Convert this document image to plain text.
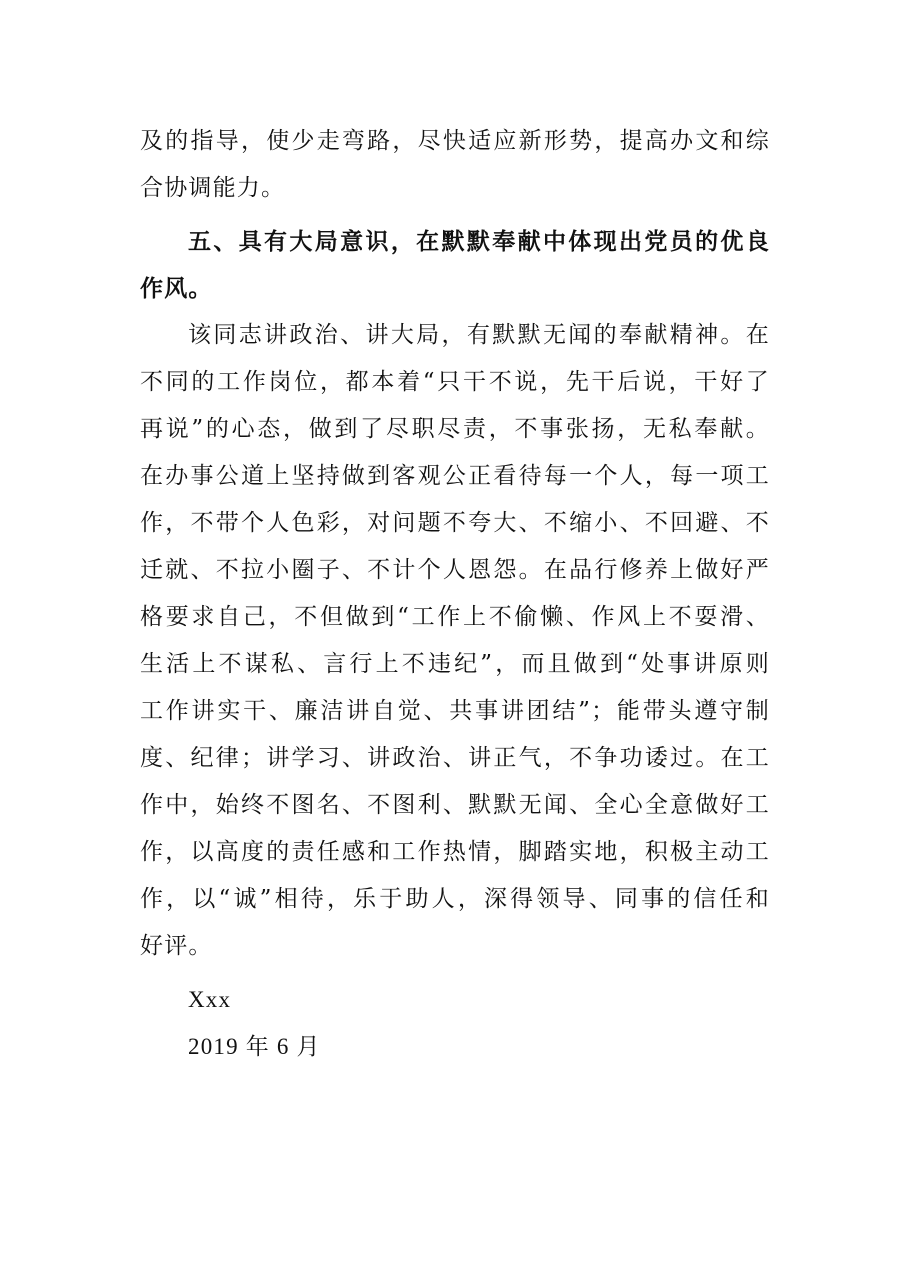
及的指导，使少走弯路，尽快适应新形势，提高办文和综
合协调能力。
五、具有大局意识，在默默奉献中体现出党员的优良
作风。
该同志讲政治、讲大局，有默默无闻的奉献精神。在
不同的工作岗位，都本着“只干不说，先干后说，干好了
再说”的心态，做到了尽职尽责，不事张扬，无私奉献。
在办事公道上坚持做到客观公正看待每一个人，每一项工
作，不带个人色彩，对问题不夸大、不缩小、不回避、不
迁就、不拉小圈子、不计个人恩怨。在品行修养上做好严
格要求自己，不但做到“工作上不偷懒、作风上不耍滑、
生活上不谋私、言行上不违纪”，而且做到“处事讲原则
工作讲实干、廉洁讲自觉、共事讲团结”；能带头遵守制
度、纪律；讲学习、讲政治、讲正气，不争功诿过。在工
作中，始终不图名、不图利、默默无闻、全心全意做好工
作，以高度的责任感和工作热情，脚踏实地，积极主动工
作，以“诚”相待，乐于助人，深得领导、同事的信任和
好评。
Xxx
2019 年 6 月
